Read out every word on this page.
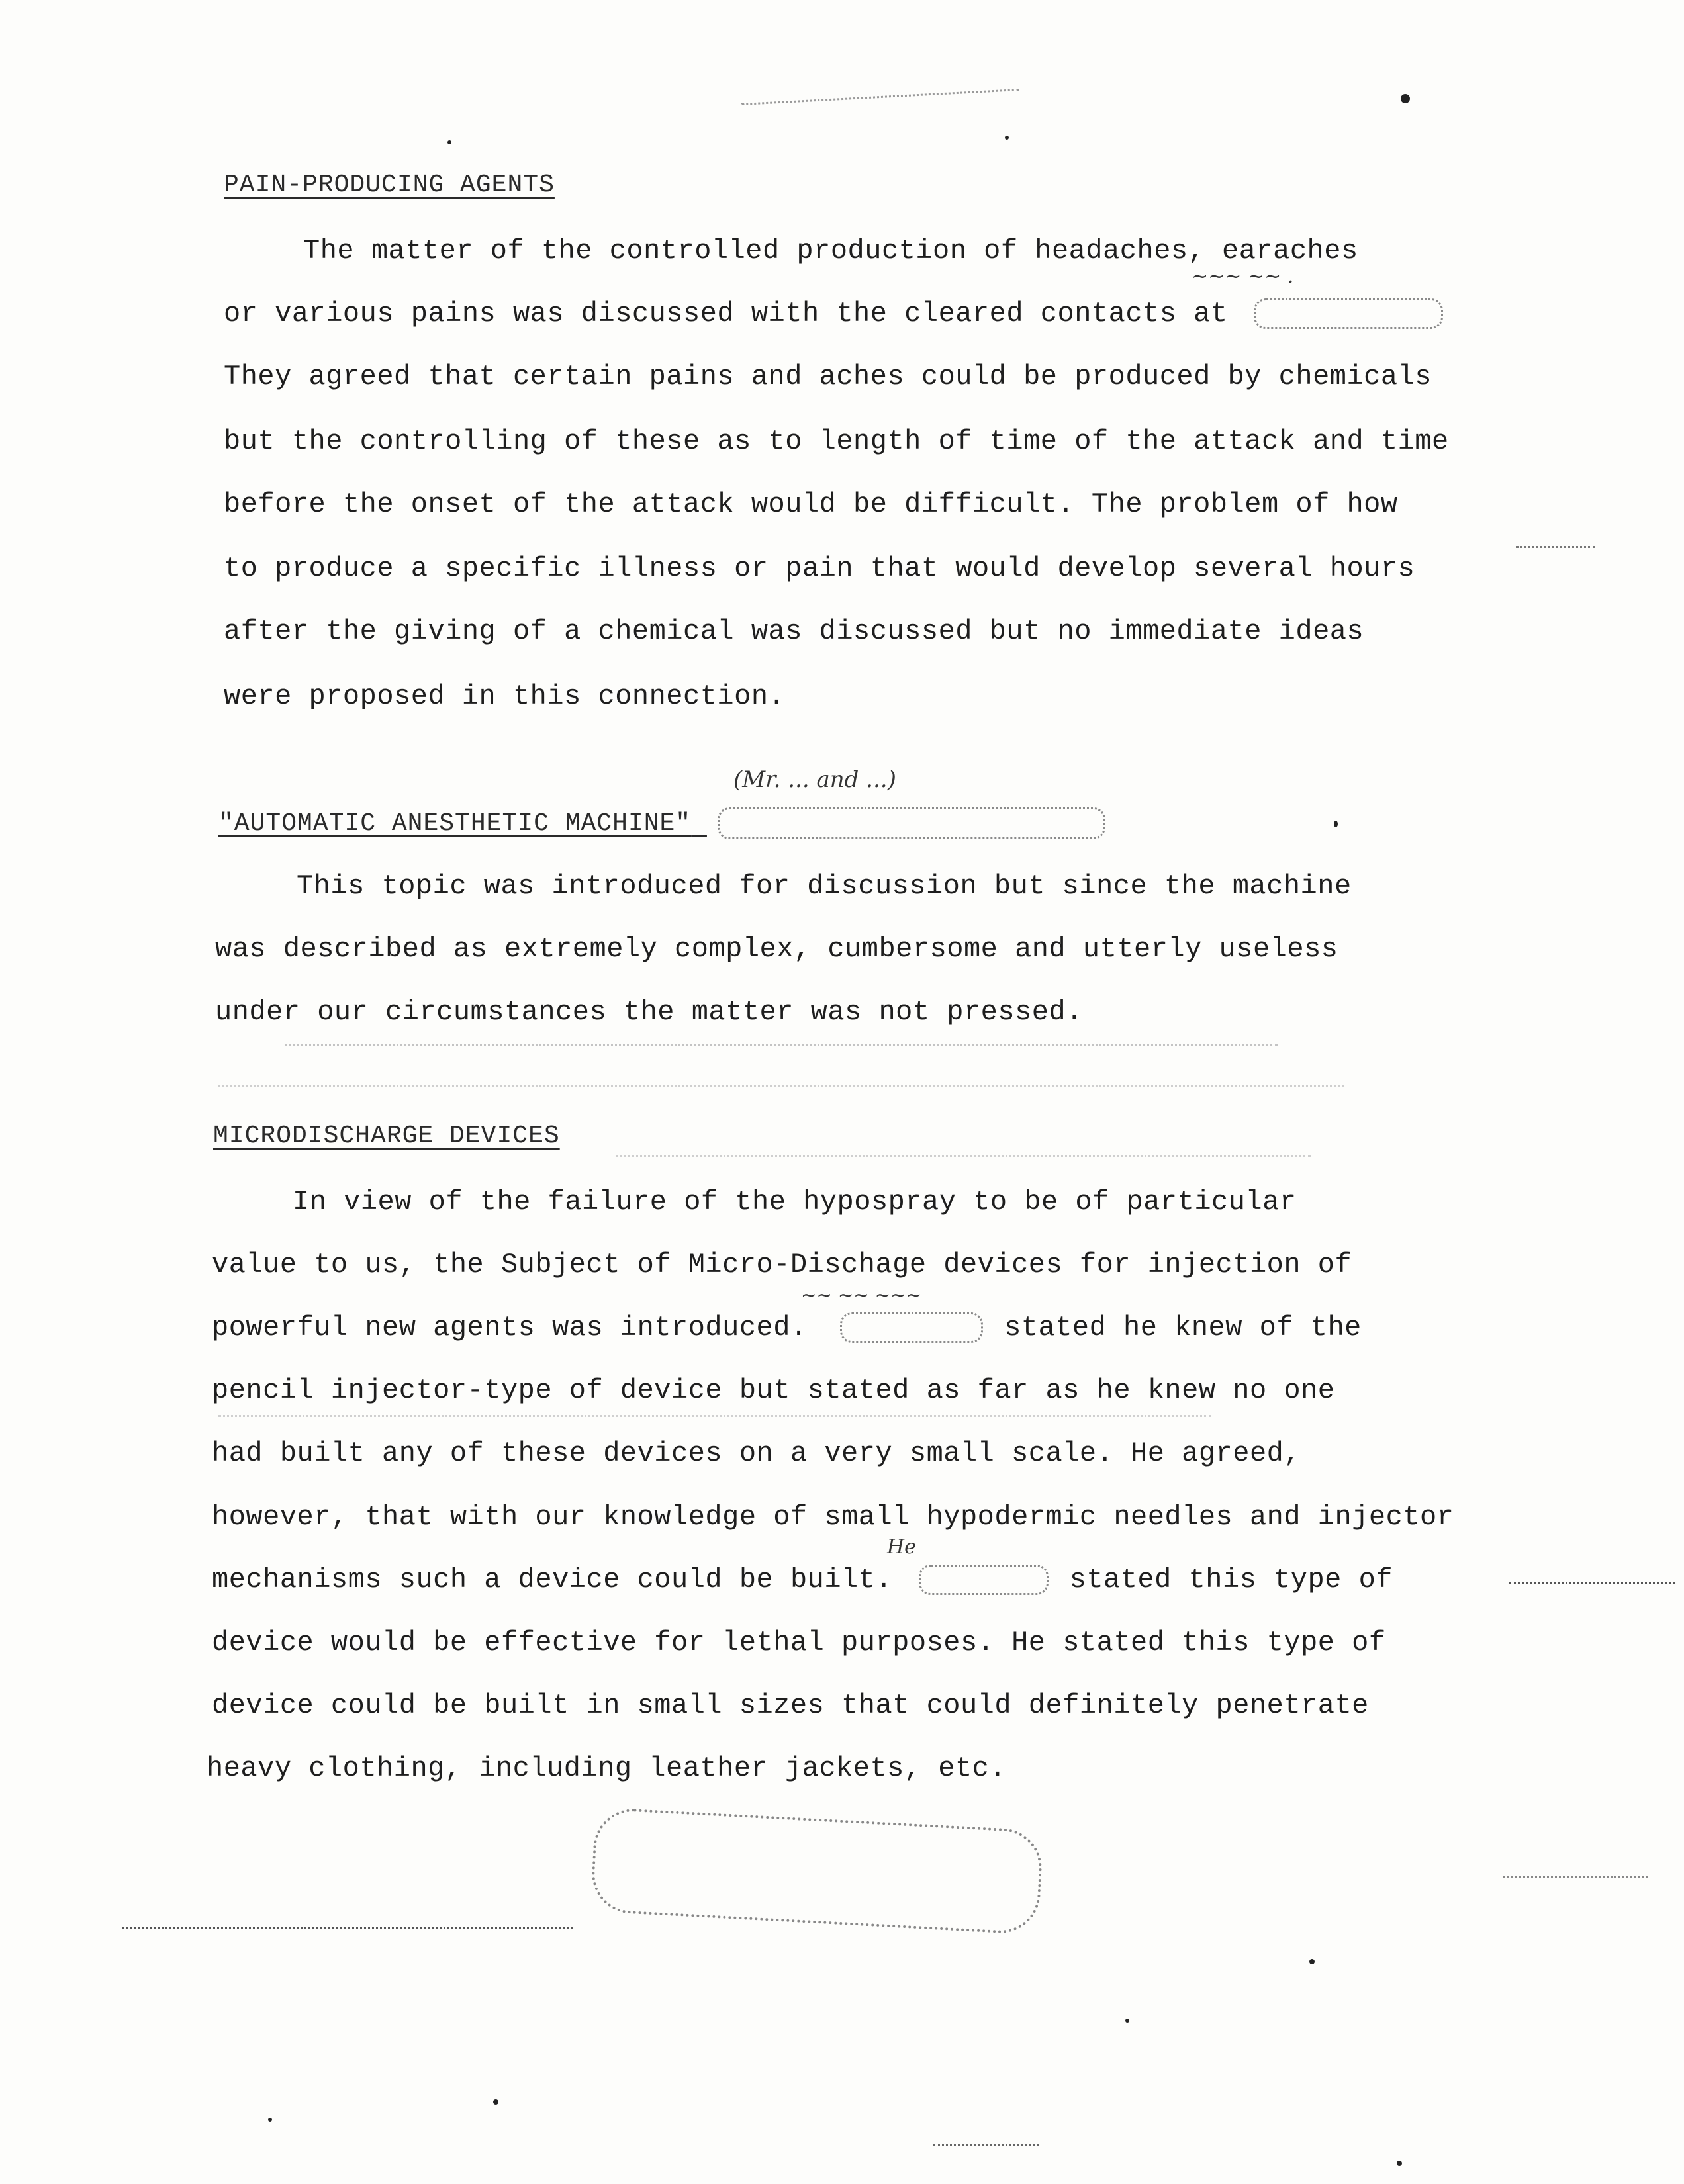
PAIN-PRODUCING AGENTS
The matter of the controlled production of headaches, earaches
or various pains was discussed with the cleared contacts at
~~~ ~~ .
They agreed that certain pains and aches could be produced by chemicals
but the controlling of these as to length of time of the attack and time
before the onset of the attack would be difficult. The problem of how
to produce a specific illness or pain that would develop several hours
after the giving of a chemical was discussed but no immediate ideas
were proposed in this connection.
(Mr. ... and ...)
"AUTOMATIC ANESTHETIC MACHINE"
This topic was introduced for discussion but since the machine
was described as extremely complex, cumbersome and utterly useless
under our circumstances the matter was not pressed.
MICRODISCHARGE DEVICES
In view of the failure of the hypospray to be of particular
value to us, the Subject of Micro-Dischage devices for injection of
~~ ~~ ~~~
powerful new agents was introduced.	stated he knew of the
pencil injector-type of device but stated as far as he knew no one
had built any of these devices on a very small scale. He agreed,
however, that with our knowledge of small hypodermic needles and injector
He
mechanisms such a device could be built.	stated this type of
device would be effective for lethal purposes. He stated this type of
device could be built in small sizes that could definitely penetrate
heavy clothing, including leather jackets, etc.
